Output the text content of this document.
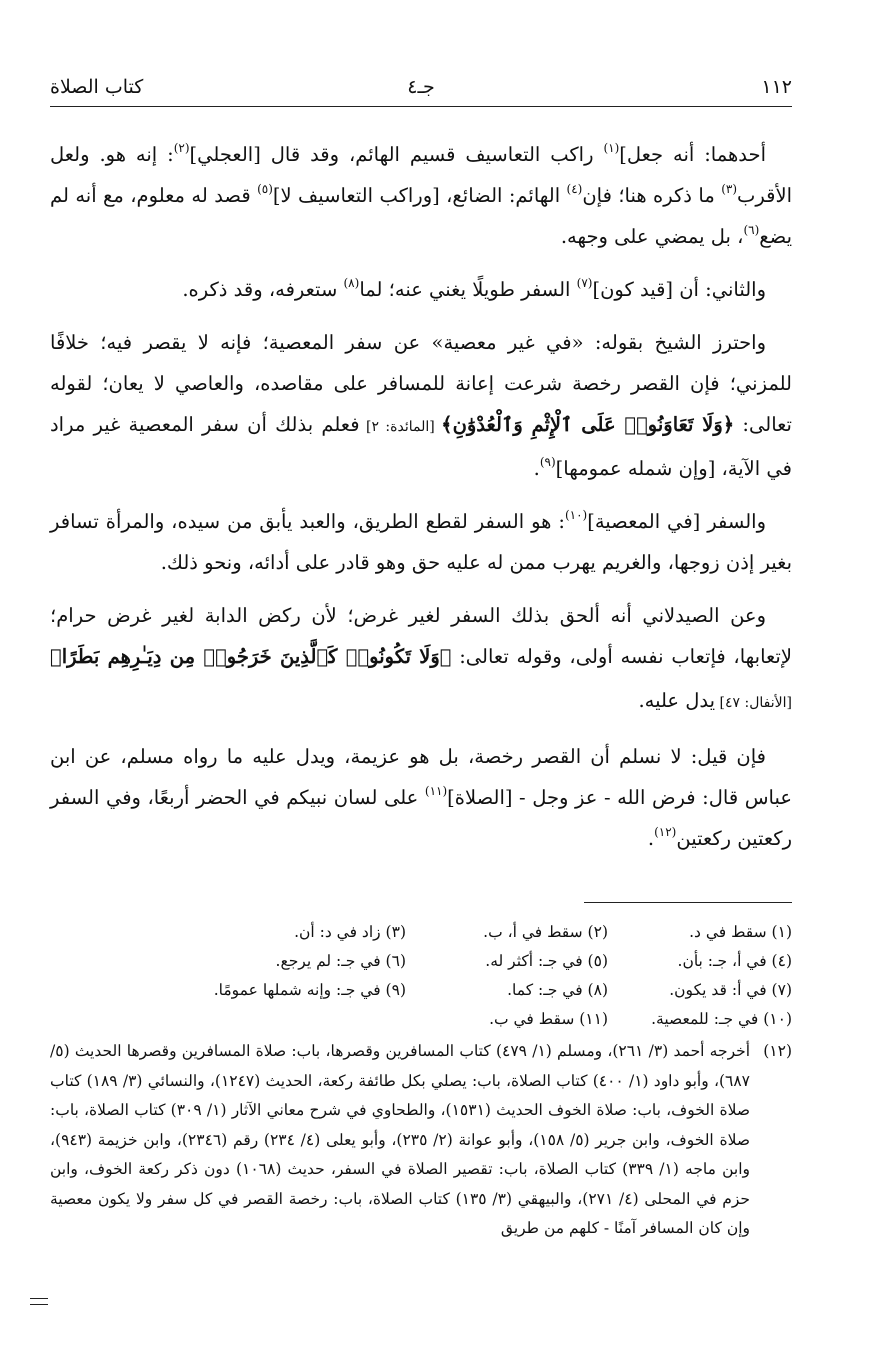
١١٢
جـ٤
كتاب الصلاة

أحدهما: أنه جعل]$^{(١)}$ راكب التعاسيف قسيم الهائم، وقد قال [العجلي]$^{(٢)}$: إنه هو. ولعل الأقرب$^{(٣)}$ ما ذكره هنا؛ فإن$^{(٤)}$ الهائم: الضائع، [وراكب التعاسيف لا]$^{(٥)}$ قصد له معلوم، مع أنه لم يضع$^{(٦)}$، بل يمضي على وجهه.

والثاني: أن [قيد كون]$^{(٧)}$ السفر طويلًا يغني عنه؛ لما$^{(٨)}$ ستعرفه، وقد ذكره.

واحترز الشيخ بقوله: «في غير معصية» عن سفر المعصية؛ فإنه لا يقصر فيه؛ خلافًا للمزني؛ فإن القصر رخصة شرعت إعانة للمسافر على مقاصده، والعاصي لا يعان؛ لقوله تعالى: ﴿وَلَا تَعَاوَنُوا۟ عَلَى ٱلْإِثْمِ وَٱلْعُدْوَٰنِ﴾ [المائدة: ٢] فعلم بذلك أن سفر المعصية غير مراد في الآية، [وإن شمله عمومها]$^{(٩)}$.

والسفر [في المعصية]$^{(١٠)}$: هو السفر لقطع الطريق، والعبد يأبق من سيده، والمرأة تسافر بغير إذن زوجها، والغريم يهرب ممن له عليه حق وهو قادر على أدائه، ونحو ذلك.

وعن الصيدلاني أنه ألحق بذلك السفر لغير غرض؛ لأن ركض الدابة لغير غرض حرام؛ لإتعابها، فإتعاب نفسه أولى، وقوله تعالى: ﴿وَلَا تَكُونُوا۟ كَٱلَّذِينَ خَرَجُوا۟ مِن دِيَـٰرِهِم بَطَرًا﴾ [الأنفال: ٤٧] يدل عليه.

فإن قيل: لا نسلم أن القصر رخصة، بل هو عزيمة، ويدل عليه ما رواه مسلم، عن ابن عباس قال: فرض الله - عز وجل - [الصلاة]$^{(١١)}$ على لسان نبيكم في الحضر أربعًا، وفي السفر ركعتين ركعتين$^{(١٢)}$.

(١) سقط في د.
(٢) سقط في أ، ب.
(٣) زاد في د: أن.
(٤) في أ، جـ: بأن.
(٥) في جـ: أكثر له.
(٦) في جـ: لم يرجع.
(٧) في أ: قد يكون.
(٨) في جـ: كما.
(٩) في جـ: وإنه شملها عمومًا.
(١٠) في جـ: للمعصية.
(١١) سقط في ب.
(١٢)
أخرجه أحمد (٣/ ٢٦١)، ومسلم (١/ ٤٧٩) كتاب المسافرين وقصرها، باب: صلاة المسافرين وقصرها الحديث (٥/ ٦٨٧)، وأبو داود (١/ ٤٠٠) كتاب الصلاة، باب: يصلي بكل طائفة ركعة، الحديث (١٢٤٧)، والنسائي (٣/ ١٨٩) كتاب صلاة الخوف، باب: صلاة الخوف الحديث (١٥٣١)، والطحاوي في شرح معاني الآثار (١/ ٣٠٩) كتاب الصلاة، باب: صلاة الخوف، وابن جرير (٥/ ١٥٨)، وأبو عوانة (٢/ ٢٣٥)، وأبو يعلى (٤/ ٢٣٤) رقم (٢٣٤٦)، وابن خزيمة (٩٤٣)، وابن ماجه (١/ ٣٣٩) كتاب الصلاة، باب: تقصير الصلاة في السفر، حديث (١٠٦٨) دون ذكر ركعة الخوف، وابن حزم في المحلى (٤/ ٢٧١)، والبيهقي (٣/ ١٣٥) كتاب الصلاة، باب: رخصة القصر في كل سفر ولا يكون معصية وإن كان المسافر آمنًا - كلهم من طريق
